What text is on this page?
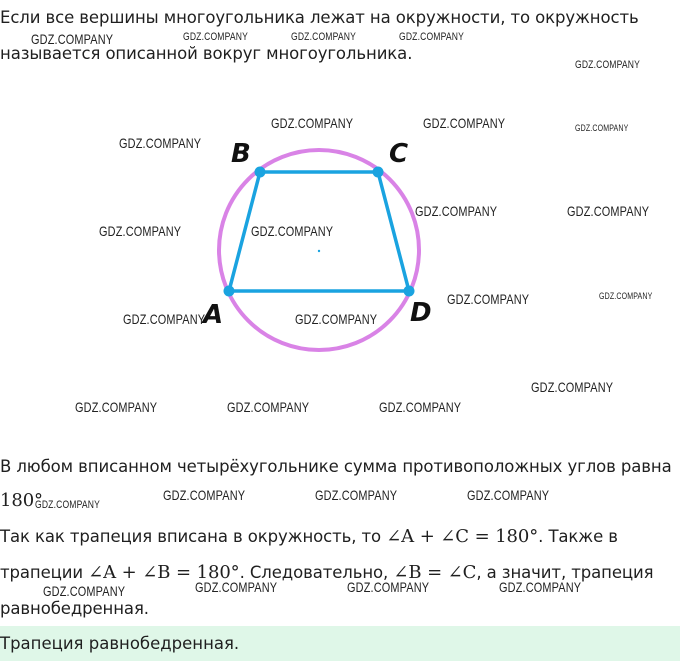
Если все вершины многоугольника лежат на окружности, то окружность
называется описанной вокруг многоугольника.
B	C
A	D
В любом вписанном четырёхугольнике сумма противоположных углов равна
180°
Так как трапеция вписана в окружность, то ∠A + ∠C = 180°. Также в
трапеции ∠A + ∠B = 180°. Следовательно, ∠B = ∠C, а значит, трапеция
равнобедренная.
Трапеция равнобедренная.
GDZ.COMPANY	GDZ.COMPANY	GDZ.COMPANY	GDZ.COMPANY
GDZ.COMPANY
GDZ.COMPANY	GDZ.COMPANY	GDZ.COMPANY
GDZ.COMPANY
GDZ.COMPANY	GDZ.COMPANY
GDZ.COMPANY	GDZ.COMPANY
GDZ.COMPANY	GDZ.COMPANY
GDZ.COMPANY	GDZ.COMPANY
GDZ.COMPANY
GDZ.COMPANY	GDZ.COMPANY	GDZ.COMPANY
GDZ.COMPANY
GDZ.COMPANY	GDZ.COMPANY	GDZ.COMPANY
GDZ.COMPANY	GDZ.COMPANY	GDZ.COMPANY
GDZ.COMPANY
